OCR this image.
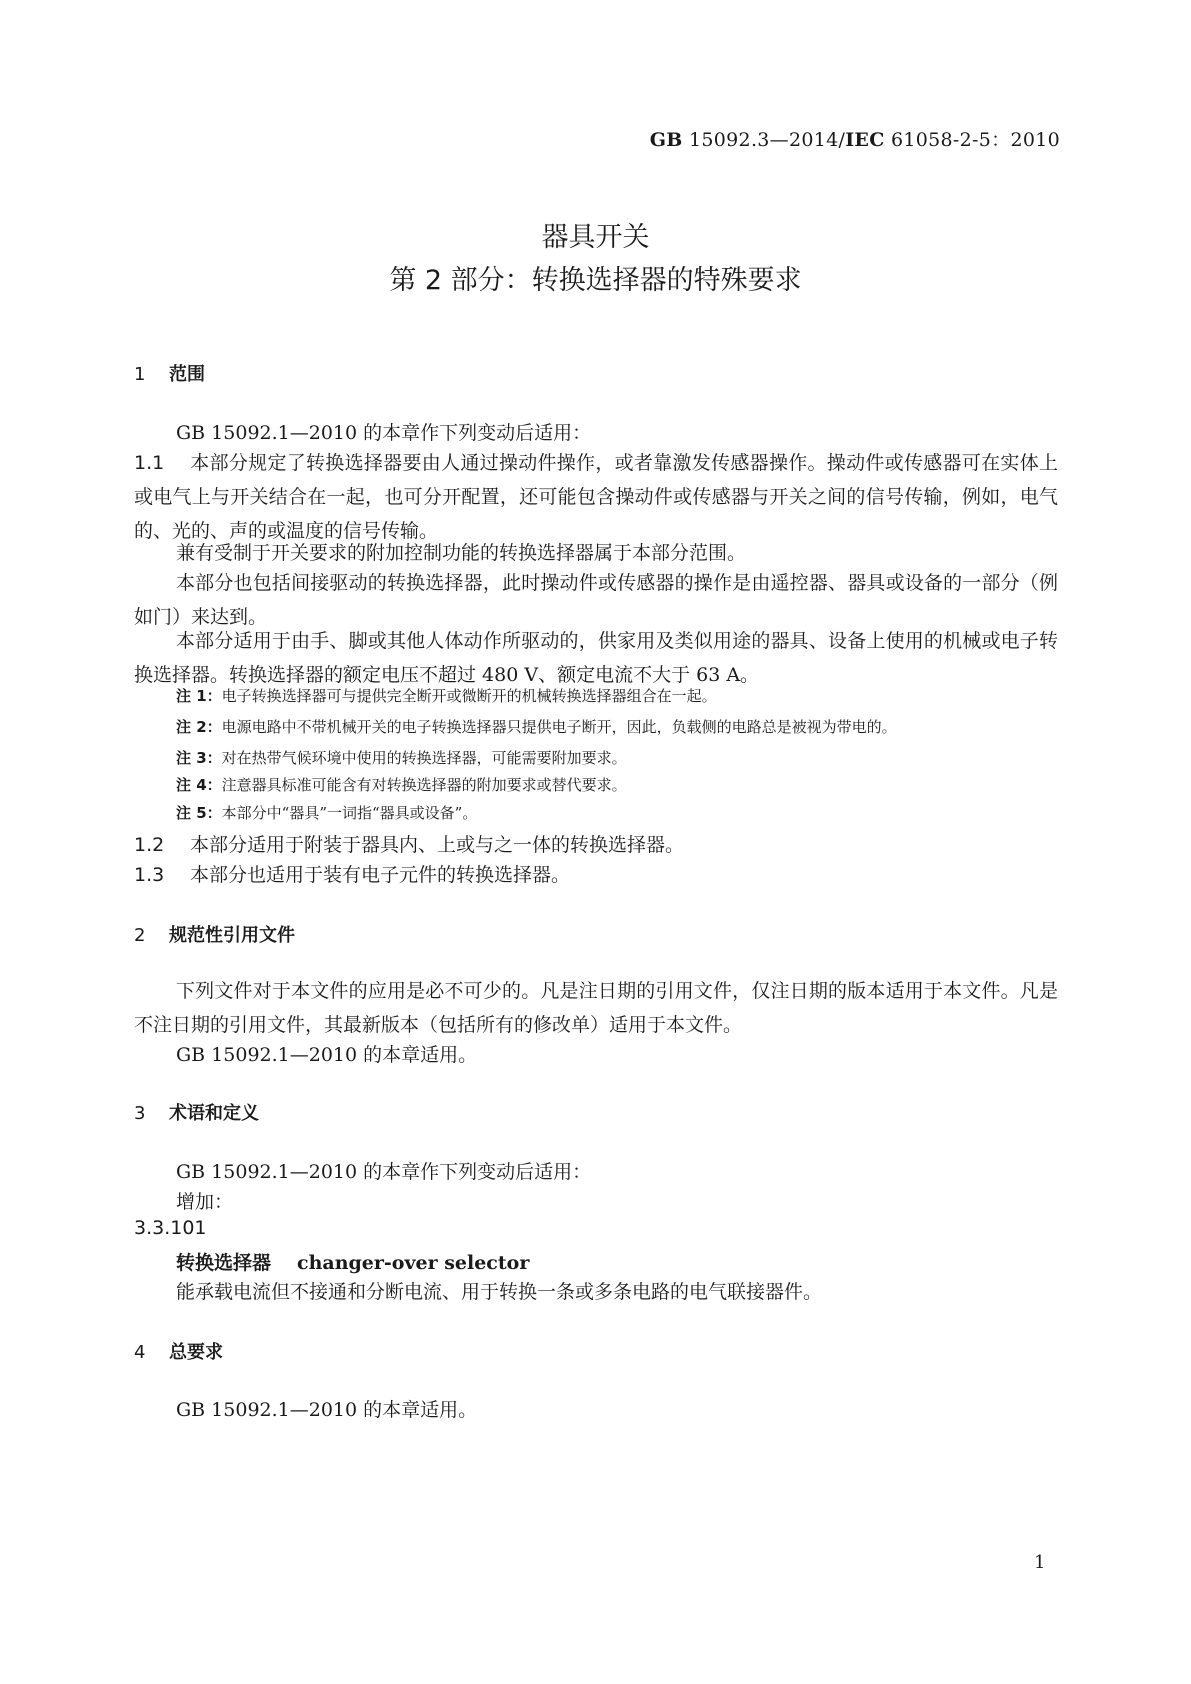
GB 15092.3—2014/IEC 61058-2-5：2010
器具开关
第 2 部分：转换选择器的特殊要求
1 范围
GB 15092.1—2010 的本章作下列变动后适用：
1.1 本部分规定了转换选择器要由人通过操动件操作，或者靠激发传感器操作。操动件或传感器可在实体上或电气上与开关结合在一起，也可分开配置，还可能包含操动件或传感器与开关之间的信号传输，例如，电气的、光的、声的或温度的信号传输。
兼有受制于开关要求的附加控制功能的转换选择器属于本部分范围。
本部分也包括间接驱动的转换选择器，此时操动件或传感器的操作是由遥控器、器具或设备的一部分（例如门）来达到。
本部分适用于由手、脚或其他人体动作所驱动的，供家用及类似用途的器具、设备上使用的机械或电子转换选择器。转换选择器的额定电压不超过 480 V、额定电流不大于 63 A。
注 1：电子转换选择器可与提供完全断开或微断开的机械转换选择器组合在一起。
注 2：电源电路中不带机械开关的电子转换选择器只提供电子断开，因此，负载侧的电路总是被视为带电的。
注 3：对在热带气候环境中使用的转换选择器，可能需要附加要求。
注 4：注意器具标准可能含有对转换选择器的附加要求或替代要求。
注 5：本部分中“器具”一词指“器具或设备”。
1.2 本部分适用于附装于器具内、上或与之一体的转换选择器。
1.3 本部分也适用于装有电子元件的转换选择器。
2 规范性引用文件
下列文件对于本文件的应用是必不可少的。凡是注日期的引用文件，仅注日期的版本适用于本文件。凡是不注日期的引用文件，其最新版本（包括所有的修改单）适用于本文件。
GB 15092.1—2010 的本章适用。
3 术语和定义
GB 15092.1—2010 的本章作下列变动后适用：
增加：
3.3.101
转换选择器 changer-over selector
能承载电流但不接通和分断电流、用于转换一条或多条电路的电气联接器件。
4 总要求
GB 15092.1—2010 的本章适用。
1
